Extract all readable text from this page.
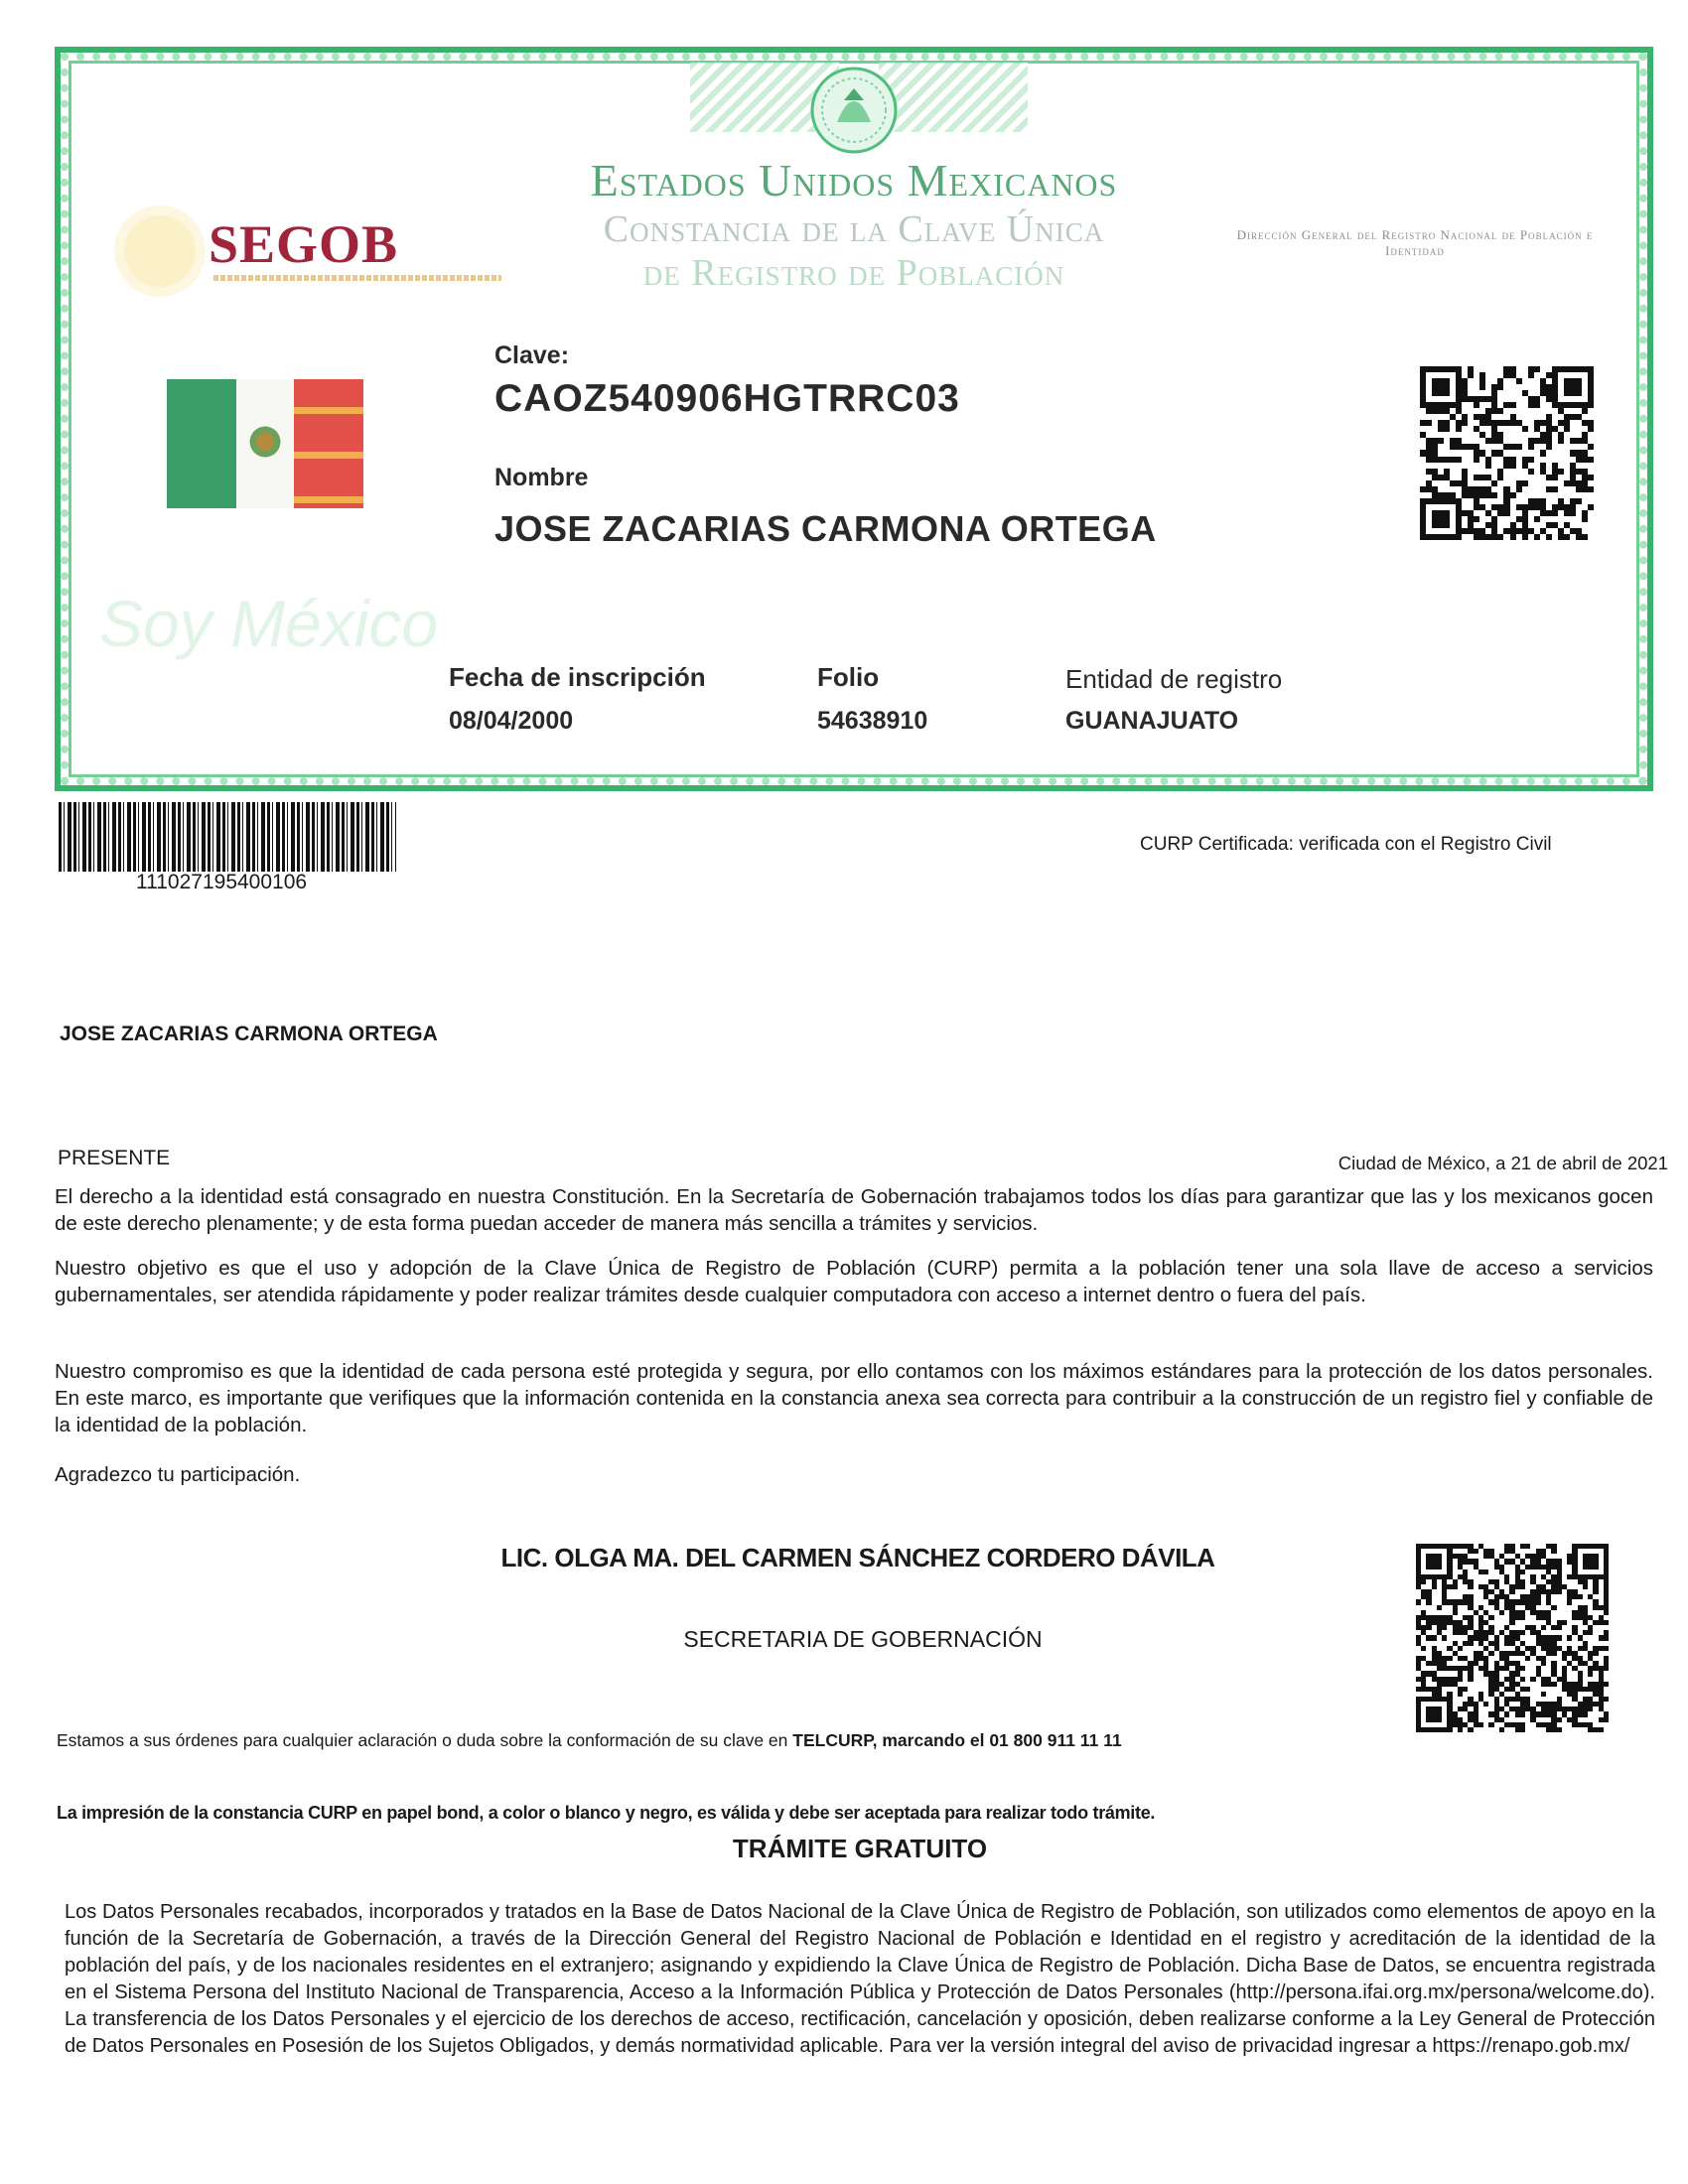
Estados Unidos Mexicanos
Constancia de la Clave Única
de Registro de Población
SEGOB	Dirección General del Registro Nacional de Población e Identidad
Soy México
Clave:
CAOZ540906HGTRRC03
Nombre
JOSE ZACARIAS CARMONA ORTEGA
Fecha de inscripción
08/04/2000
Folio
54638910
Entidad de registro
GUANAJUATO
111027195400106
CURP Certificada: verificada con el Registro Civil
JOSE ZACARIAS CARMONA ORTEGA
PRESENTE	Ciudad de México, a 21 de abril de 2021
El derecho a la identidad está consagrado en nuestra Constitución. En la Secretaría de Gobernación trabajamos todos los días para garantizar que las y los mexicanos gocen de este derecho plenamente; y de esta forma puedan acceder de manera más sencilla a trámites y servicios.
Nuestro objetivo es que el uso y adopción de la Clave Única de Registro de Población (CURP) permita a la población tener una sola llave de acceso a servicios gubernamentales, ser atendida rápidamente y poder realizar trámites desde cualquier computadora con acceso a internet dentro o fuera del país.
Nuestro compromiso es que la identidad de cada persona esté protegida y segura, por ello contamos con los máximos estándares para la protección de los datos personales. En este marco, es importante que verifiques que la información contenida en la constancia anexa sea correcta para contribuir a la construcción de un registro fiel y confiable de la identidad de la población.
Agradezco tu participación.
LIC. OLGA MA. DEL CARMEN SÁNCHEZ CORDERO DÁVILA
SECRETARIA DE GOBERNACIÓN
Estamos a sus órdenes para cualquier aclaración o duda sobre la conformación de su clave en TELCURP, marcando el 01 800 911 11 11
La impresión de la constancia CURP en papel bond, a color o blanco y negro, es válida y debe ser aceptada para realizar todo trámite.
TRÁMITE GRATUITO
Los Datos Personales recabados, incorporados y tratados en la Base de Datos Nacional de la Clave Única de Registro de Población, son utilizados como elementos de apoyo en la función de la Secretaría de Gobernación, a través de la Dirección General del Registro Nacional de Población e Identidad en el registro y acreditación de la identidad de la población del país, y de los nacionales residentes en el extranjero; asignando y expidiendo la Clave Única de Registro de Población. Dicha Base de Datos, se encuentra registrada en el Sistema Persona del Instituto Nacional de Transparencia, Acceso a la Información Pública y Protección de Datos Personales (http://persona.ifai.org.mx/persona/welcome.do). La transferencia de los Datos Personales y el ejercicio de los derechos de acceso, rectificación, cancelación y oposición, deben realizarse conforme a la Ley General de Protección de Datos Personales en Posesión de los Sujetos Obligados, y demás normatividad aplicable. Para ver la versión integral del aviso de privacidad ingresar a https://renapo.gob.mx/
